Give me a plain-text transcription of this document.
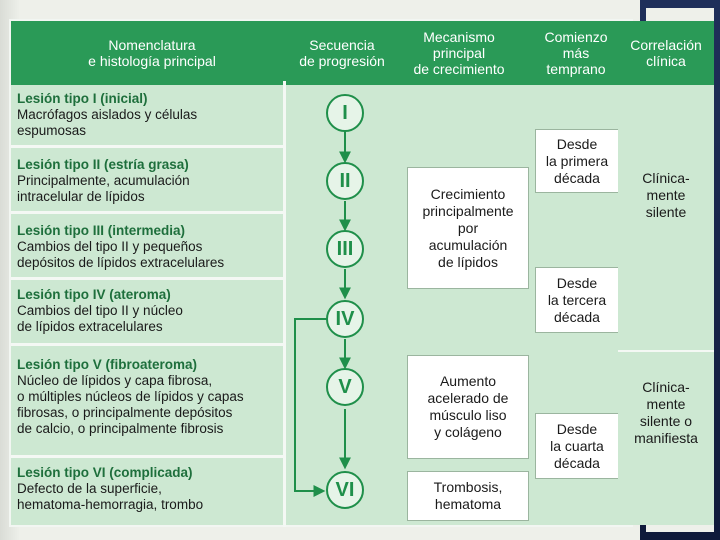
Nomenclatura
e histología principal
Secuencia
de progresión
Mecanismo
principal
de crecimiento
Comienzo
más
temprano
Lesión tipo I (inicial)
Macrófagos aislados y células
espumosas
Lesión tipo II (estría grasa)
Principalmente, acumulación
intracelular de lípidos
Lesión tipo III (intermedia)
Cambios del tipo II y pequeños
depósitos de lípidos extracelulares
Lesión tipo IV (ateroma)
Cambios del tipo II y núcleo
de lípidos extracelulares
Lesión tipo V (fibroateroma)
Núcleo de lípidos y capa fibrosa,
o múltiples núcleos de lípidos y capas
fibrosas, o principalmente depósitos
de calcio, o principalmente fibrosis
Lesión tipo VI (complicada)
Defecto de la superficie,
hematoma-hemorragia, trombo
I
II
III
IV
V
VI
Crecimiento
principalmente
por
acumulación
de lípidos
Aumento
acelerado de
músculo liso
y colágeno
Trombosis,
hematoma
Desde
la primera
década
Desde
la tercera
década
Desde
la cuarta
década
Correlación
clínica
Clínica-
mente
silente
Clínica-
mente
silente o
manifiesta
